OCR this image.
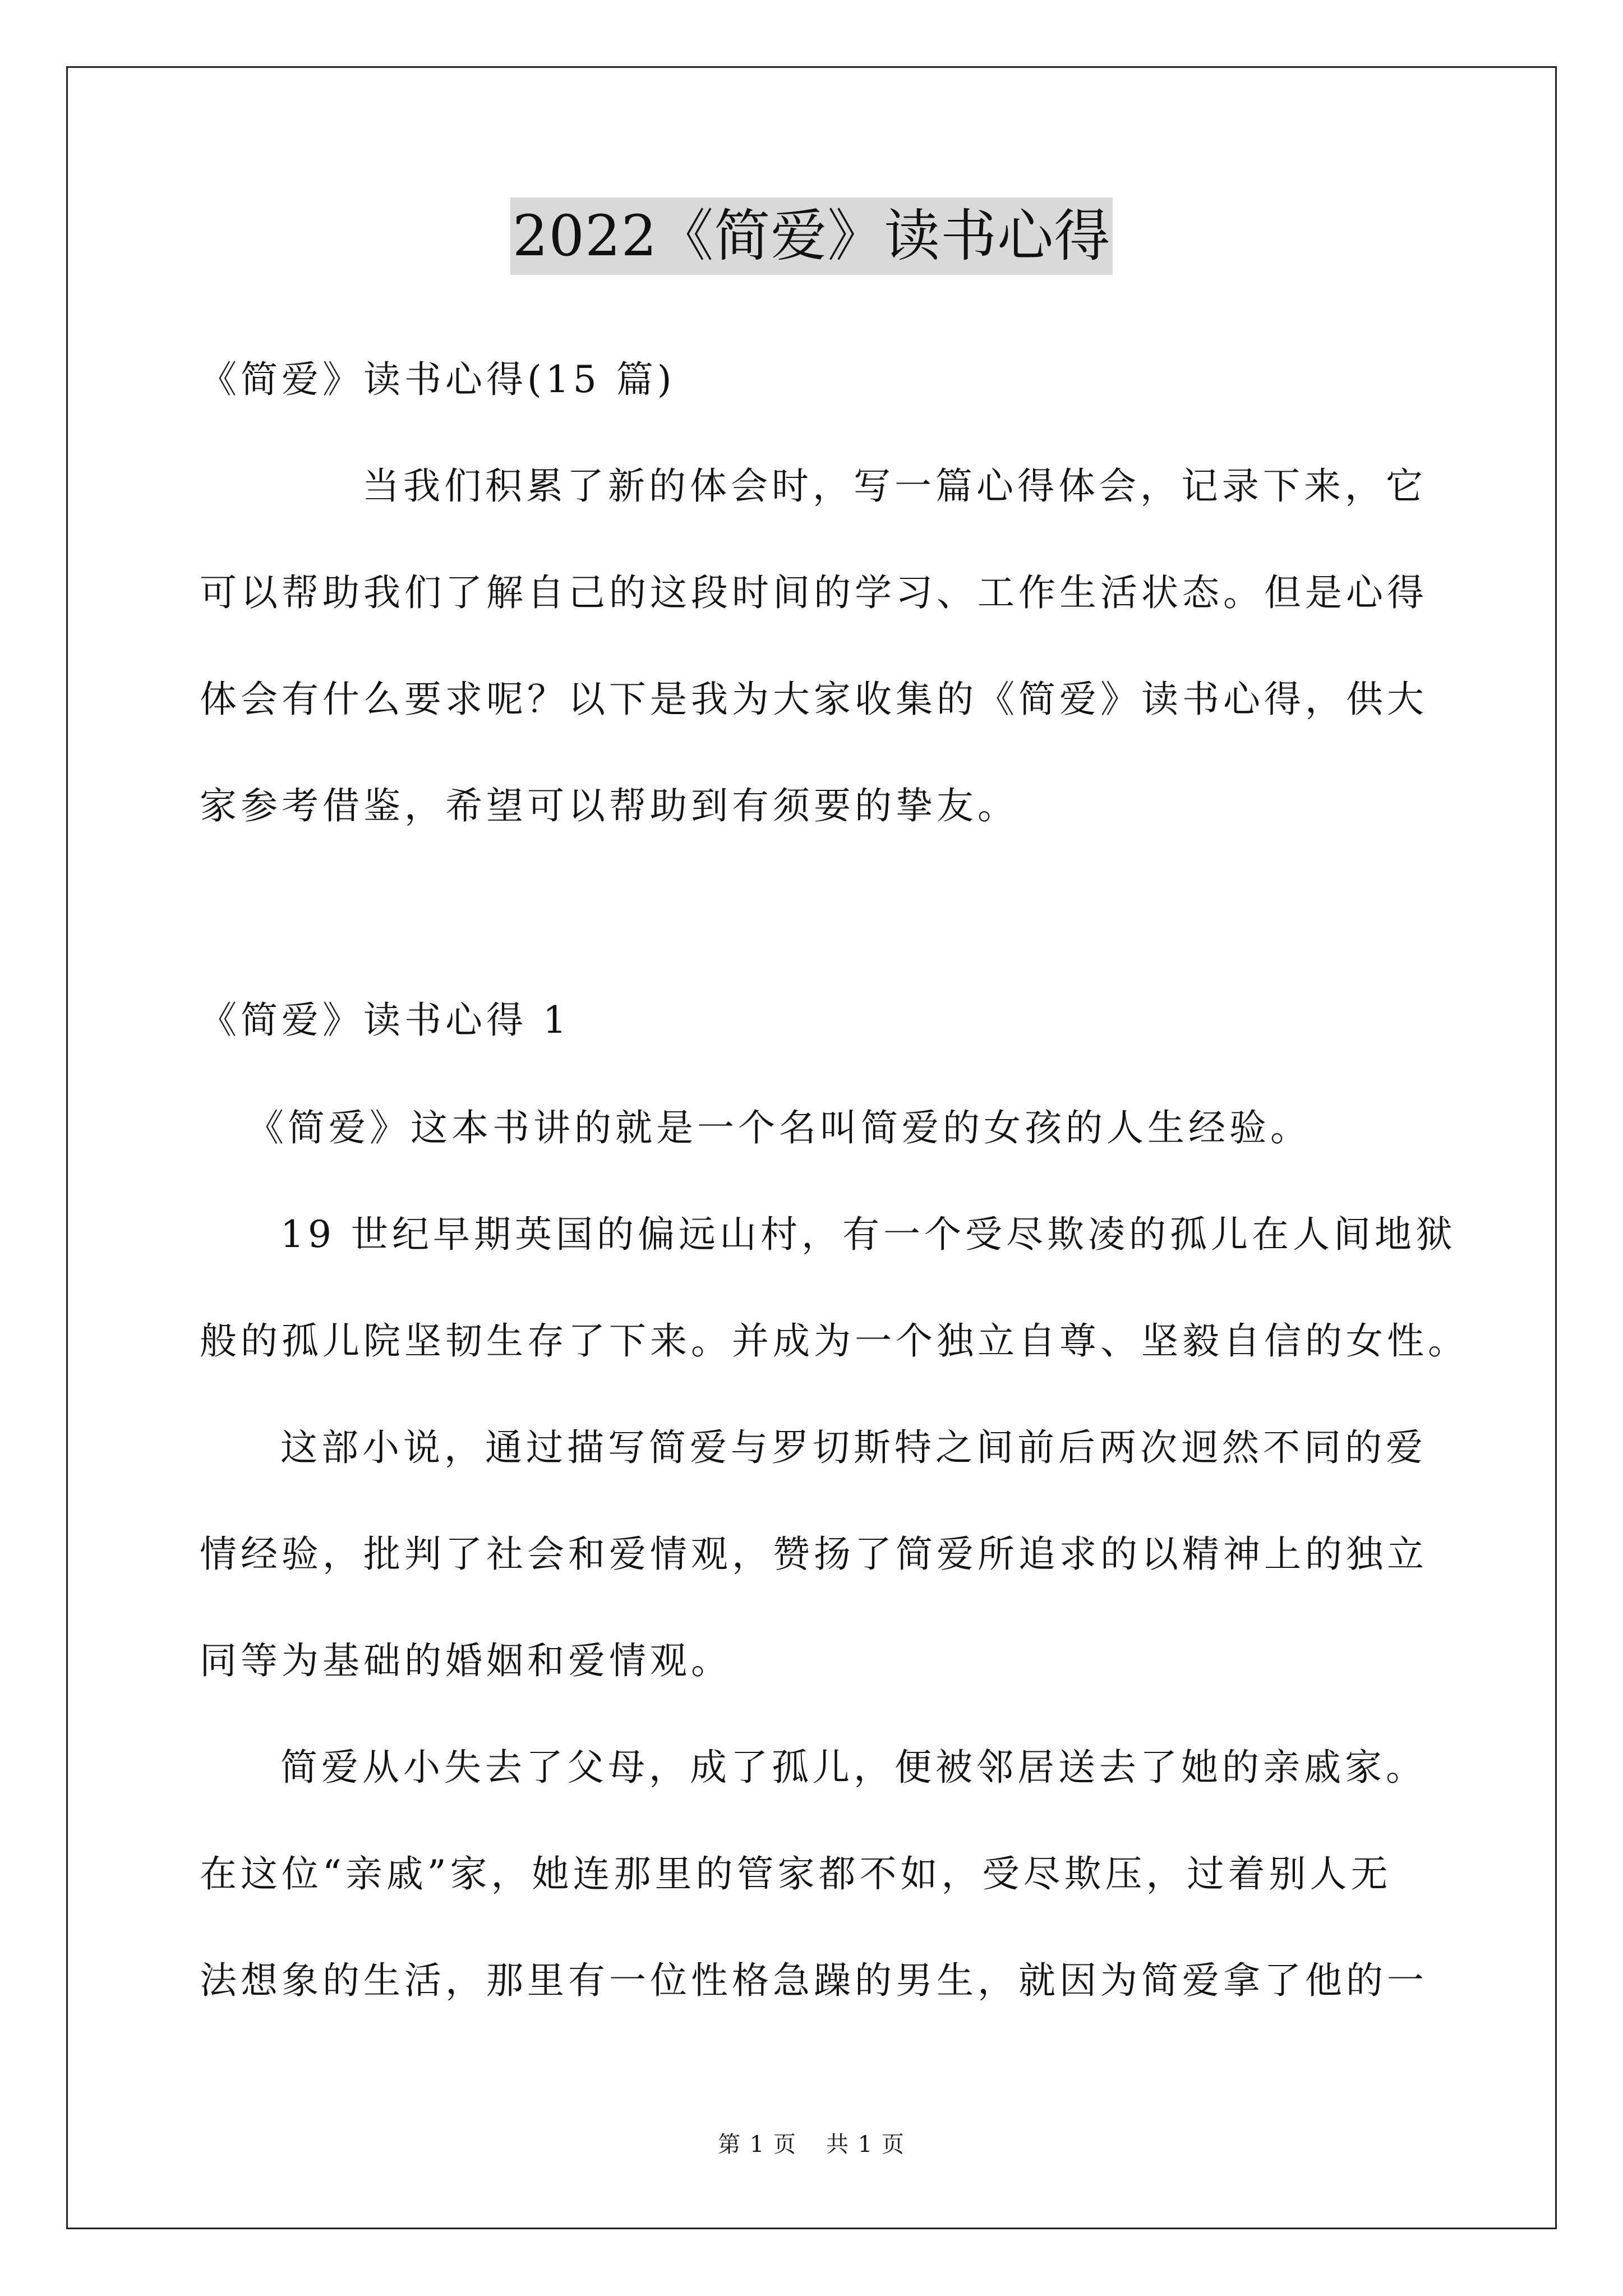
2022《简爱》读书心得
《简爱》读书心得(15 篇)
当我们积累了新的体会时，写一篇心得体会，记录下来，它
可以帮助我们了解自己的这段时间的学习、工作生活状态。但是心得
体会有什么要求呢？以下是我为大家收集的《简爱》读书心得，供大
家参考借鉴，希望可以帮助到有须要的挚友。
《简爱》读书心得 1
《简爱》这本书讲的就是一个名叫简爱的女孩的人生经验。
19 世纪早期英国的偏远山村，有一个受尽欺凌的孤儿在人间地狱
般的孤儿院坚韧生存了下来。并成为一个独立自尊、坚毅自信的女性。
这部小说，通过描写简爱与罗切斯特之间前后两次迥然不同的爱
情经验，批判了社会和爱情观，赞扬了简爱所追求的以精神上的独立
同等为基础的婚姻和爱情观。
简爱从小失去了父母，成了孤儿，便被邻居送去了她的亲戚家。
在这位“亲戚”家，她连那里的管家都不如，受尽欺压，过着别人无
法想象的生活，那里有一位性格急躁的男生，就因为简爱拿了他的一
第 1 页 共 1 页
